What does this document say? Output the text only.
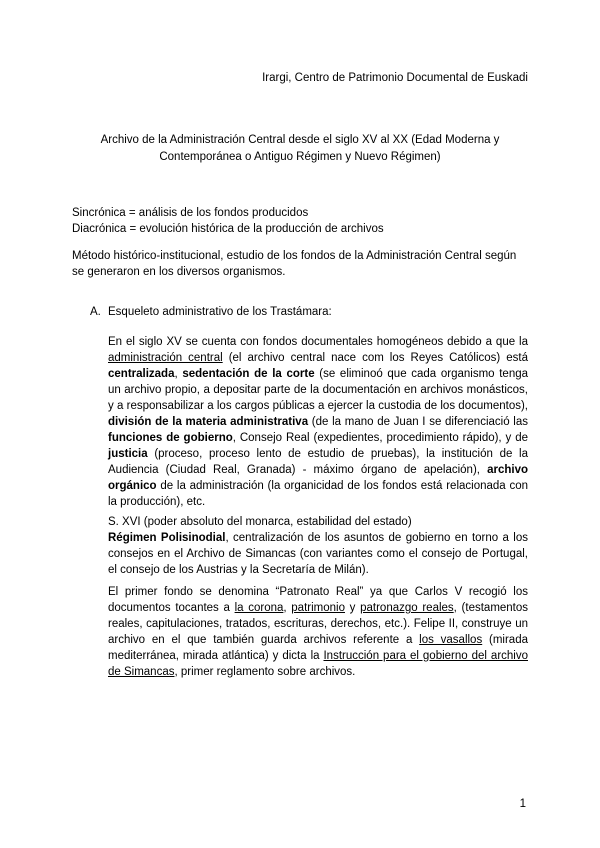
Irargi, Centro de Patrimonio Documental de Euskadi
Archivo de la Administración Central desde el siglo XV al XX (Edad Moderna y
Contemporánea o Antiguo Régimen y Nuevo Régimen)
Sincrónica = análisis de los fondos producidos
Diacrónica = evolución histórica de la producción de archivos
Método histórico-institucional, estudio de los fondos de la Administración Central según se generaron en los diversos organismos.
A. Esqueleto administrativo de los Trastámara:
En el siglo XV se cuenta con fondos documentales homogéneos debido a que la administración central (el archivo central nace com los Reyes Católicos) está centralizada, sedentación de la corte (se eliminoó que cada organismo tenga un archivo propio, a depositar parte de la documentación en archivos monásticos, y a responsabilizar a los cargos públicas a ejercer la custodia de los documentos), división de la materia administrativa (de la mano de Juan I se diferenciació las funciones de gobierno, Consejo Real (expedientes, procedimiento rápido), y de justicia (proceso, proceso lento de estudio de pruebas), la institución de la Audiencia (Ciudad Real, Granada) - máximo órgano de apelación), archivo orgánico de la administración (la organicidad de los fondos está relacionada con la producción), etc.
S. XVI (poder absoluto del monarca, estabilidad del estado)
Régimen Polisinodial, centralización de los asuntos de gobierno en torno a los consejos en el Archivo de Simancas (con variantes como el consejo de Portugal, el consejo de los Austrias y la Secretaría de Milán).
El primer fondo se denomina “Patronato Real” ya que Carlos V recogió los documentos tocantes a la corona, patrimonio y patronazgo reales, (testamentos reales, capitulaciones, tratados, escrituras, derechos, etc.). Felipe II, construye un archivo en el que también guarda archivos referente a los vasallos (mirada mediterránea, mirada atlántica) y dicta la Instrucción para el gobierno del archivo de Simancas, primer reglamento sobre archivos.
1
